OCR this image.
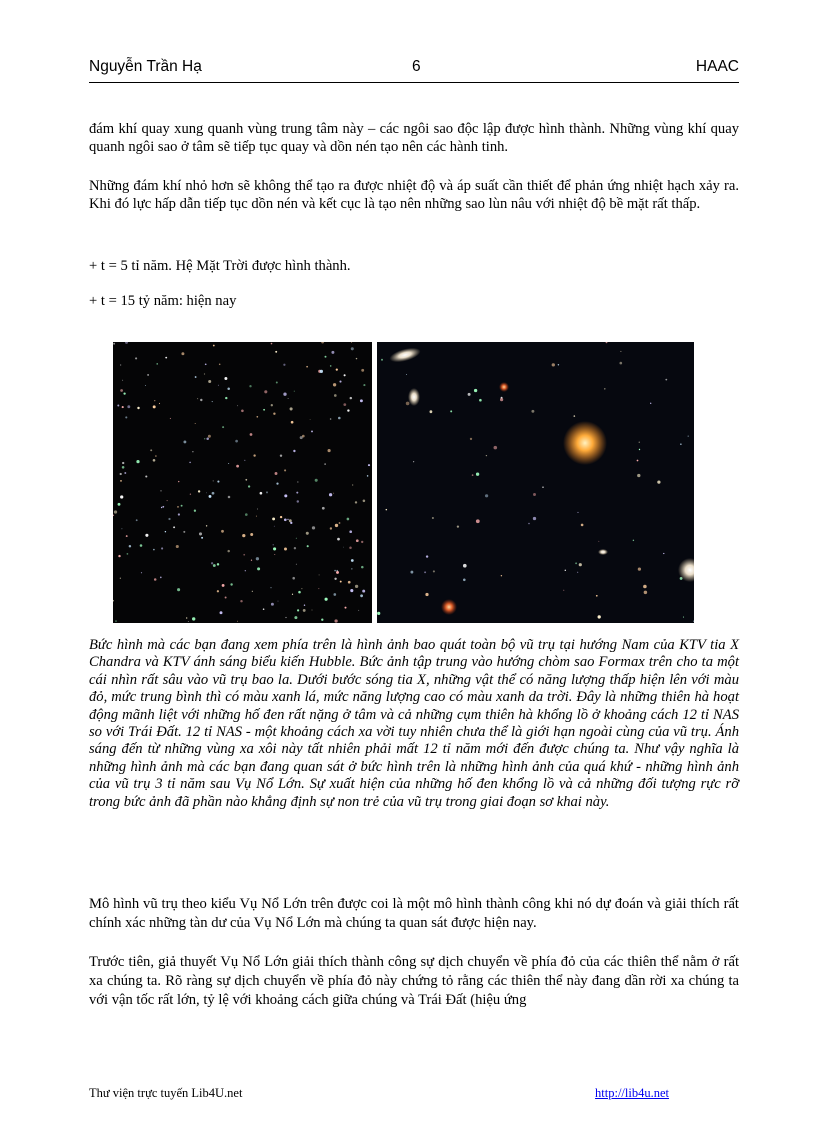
Nguyễn Trần Hạ	6	HAAC

đám khí quay xung quanh vùng trung tâm này – các ngôi sao độc lập được hình thành. Những vùng khí quay quanh ngôi sao ở tâm sẽ tiếp tục quay và dồn nén tạo nên các hành tinh.

Những đám khí nhỏ hơn sẽ không thể tạo ra được nhiệt độ và áp suất cần thiết để phản ứng nhiệt hạch xảy ra. Khi đó lực hấp dẫn tiếp tục dồn nén và kết cục là tạo nên những sao lùn nâu với nhiệt độ bề mặt rất thấp.

+ t = 5 tỉ năm. Hệ Mặt Trời được hình thành.

+ t = 15 tỷ năm: hiện nay

Bức hình mà các bạn đang xem phía trên là hình ảnh bao quát toàn bộ vũ trụ tại hướng Nam của KTV tia X Chandra và KTV ánh sáng biểu kiến Hubble. Bức ảnh tập trung vào hướng chòm sao Formax trên cho ta một cái nhìn rất sâu vào vũ trụ bao la. Dưới bước sóng tia X, những vật thể có năng lượng thấp hiện lên với màu đỏ, mức trung bình thì có màu xanh lá, mức năng lượng cao có màu xanh da trời. Đây là những thiên hà hoạt động mãnh liệt với những hố đen rất nặng ở tâm và cả những cụm thiên hà khổng lồ ở khoảng cách 12 tỉ NAS so với Trái Đất. 12 tỉ NAS - một khoảng cách xa vời tuy nhiên chưa thể là giới hạn ngoài cùng của vũ trụ. Ánh sáng đến từ những vùng xa xôi này tất nhiên phải mất 12 tỉ năm mới đến được chúng ta. Như vậy nghĩa là những hình ảnh mà các bạn đang quan sát ở bức hình trên là những hình ảnh của quá khứ - những hình ảnh của vũ trụ 3 tỉ năm sau Vụ Nổ Lớn. Sự xuất hiện của những hố đen khổng lồ và cả những đối tượng rực rỡ trong bức ảnh đã phần nào khẳng định sự non trẻ của vũ trụ trong giai đoạn sơ khai này.

Mô hình vũ trụ theo kiểu Vụ Nổ Lớn trên được coi là một mô hình thành công khi nó dự đoán và giải thích rất chính xác những tàn dư của Vụ Nổ Lớn mà chúng ta quan sát được hiện nay.

Trước tiên, giả thuyết Vụ Nổ Lớn giải thích thành công sự dịch chuyển về phía đỏ của các thiên thể nằm ở rất xa chúng ta. Rõ ràng sự dịch chuyển về phía đỏ này chứng tỏ rằng các thiên thể này đang dần rời xa chúng ta với vận tốc rất lớn, tỷ lệ với khoảng cách giữa chúng và Trái Đất (hiệu ứng

Thư viện trực tuyến Lib4U.net	http://lib4u.net
